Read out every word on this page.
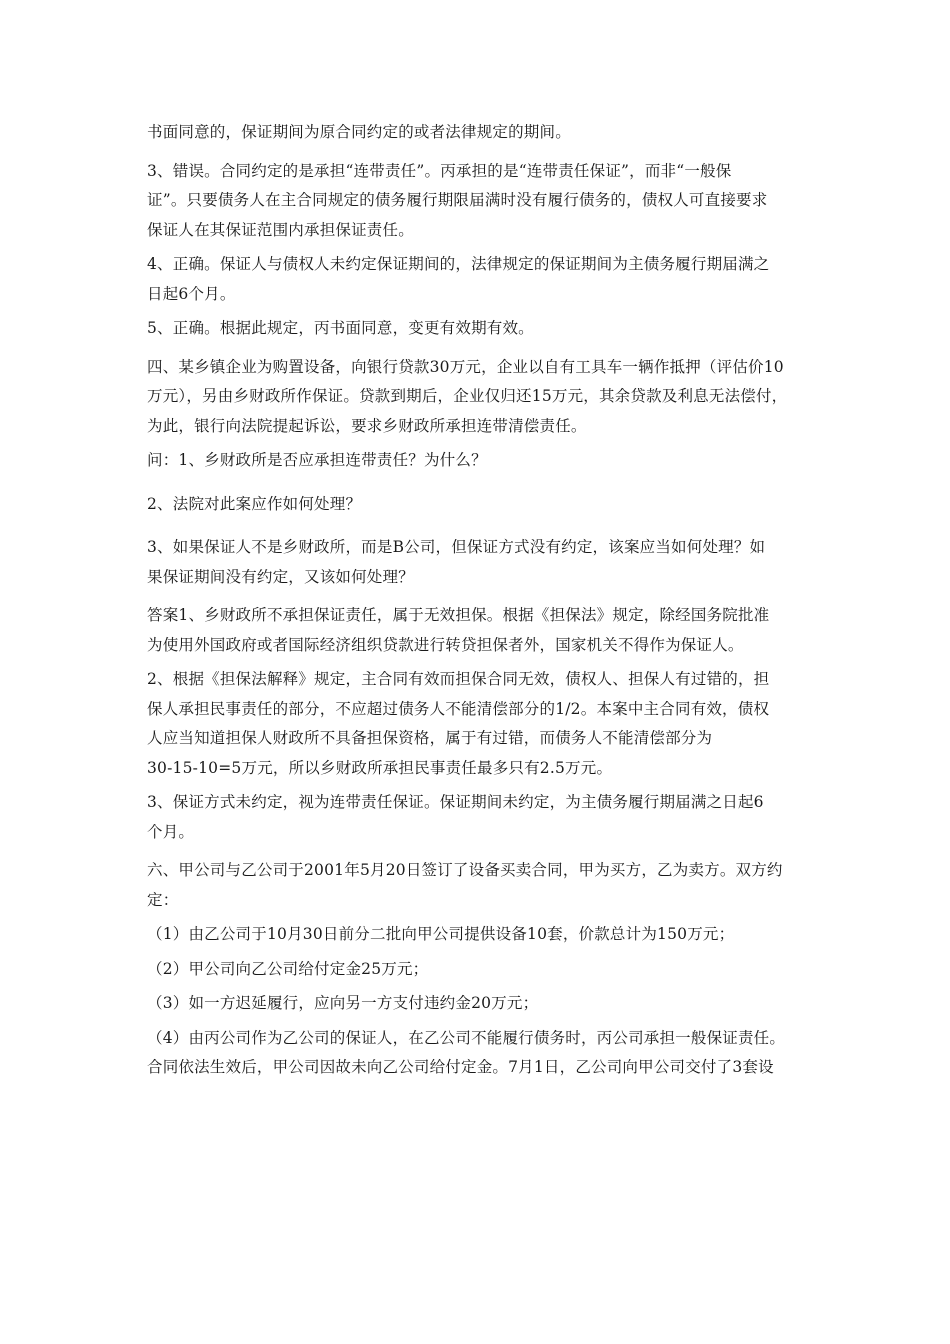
书面同意的，保证期间为原合同约定的或者法律规定的期间。
3、错误。合同约定的是承担“连带责任”。丙承担的是“连带责任保证”，而非“一般保
证”。只要债务人在主合同规定的债务履行期限届满时没有履行债务的，债权人可直接要求
保证人在其保证范围内承担保证责任。
4、正确。保证人与债权人未约定保证期间的，法律规定的保证期间为主债务履行期届满之
日起6个月。
5、正确。根据此规定，丙书面同意，变更有效期有效。
四、某乡镇企业为购置设备，向银行贷款30万元，企业以自有工具车一辆作抵押（评估价10
万元），另由乡财政所作保证。贷款到期后，企业仅归还15万元，其余贷款及利息无法偿付，
为此，银行向法院提起诉讼，要求乡财政所承担连带清偿责任。
问：1、乡财政所是否应承担连带责任？为什么？
2、法院对此案应作如何处理？
3、如果保证人不是乡财政所，而是B公司，但保证方式没有约定，该案应当如何处理？如
果保证期间没有约定，又该如何处理？
答案1、乡财政所不承担保证责任，属于无效担保。根据《担保法》规定，除经国务院批准
为使用外国政府或者国际经济组织贷款进行转贷担保者外，国家机关不得作为保证人。
2、根据《担保法解释》规定，主合同有效而担保合同无效，债权人、担保人有过错的，担
保人承担民事责任的部分，不应超过债务人不能清偿部分的1/2。本案中主合同有效，债权
人应当知道担保人财政所不具备担保资格，属于有过错，而债务人不能清偿部分为
30-15-10=5万元，所以乡财政所承担民事责任最多只有2.5万元。
3、保证方式未约定，视为连带责任保证。保证期间未约定，为主债务履行期届满之日起6
个月。
六、甲公司与乙公司于2001年5月20日签订了设备买卖合同，甲为买方，乙为卖方。双方约
定：
（1）由乙公司于10月30日前分二批向甲公司提供设备10套，价款总计为150万元；
（2）甲公司向乙公司给付定金25万元；
（3）如一方迟延履行，应向另一方支付违约金20万元；
（4）由丙公司作为乙公司的保证人，在乙公司不能履行债务时，丙公司承担一般保证责任。
合同依法生效后，甲公司因故未向乙公司给付定金。7月1日，乙公司向甲公司交付了3套设
